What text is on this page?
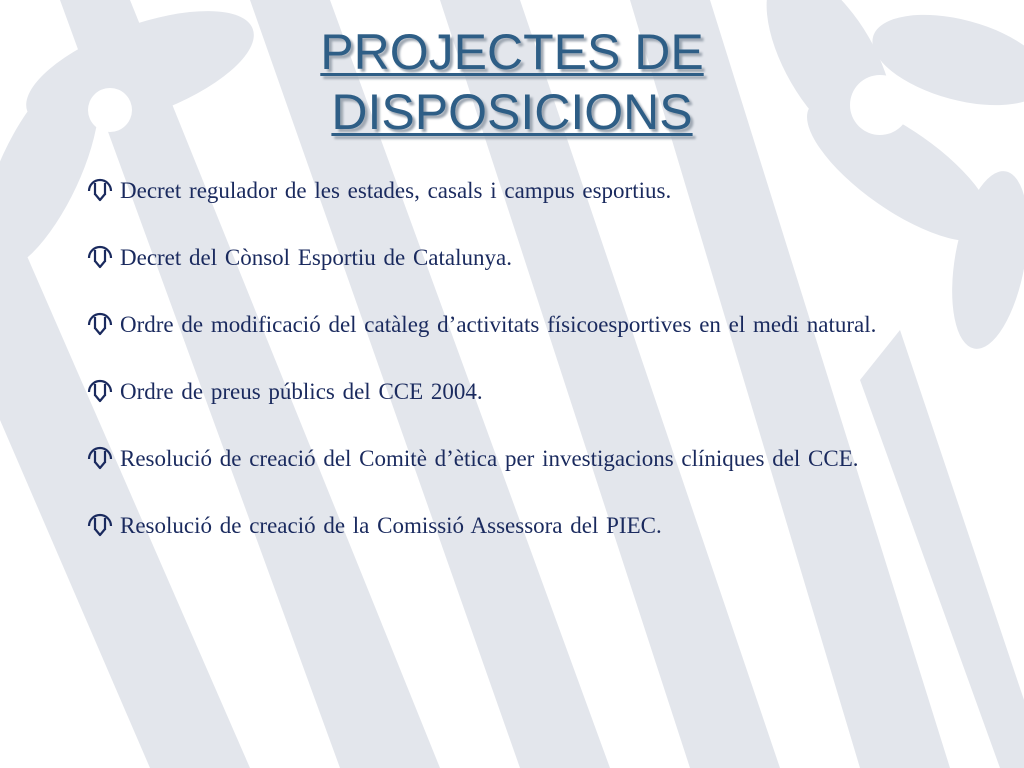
PROJECTES DE
DISPOSICIONS
Decret regulador de les estades, casals i campus esportius.
Decret del Cònsol Esportiu de Catalunya.
Ordre de modificació del catàleg d’activitats físicoesportives en el medi natural.
Ordre de preus públics del CCE 2004.
Resolució de creació del Comitè d’ètica per investigacions clíniques del CCE.
Resolució de creació de la Comissió Assessora del PIEC.
